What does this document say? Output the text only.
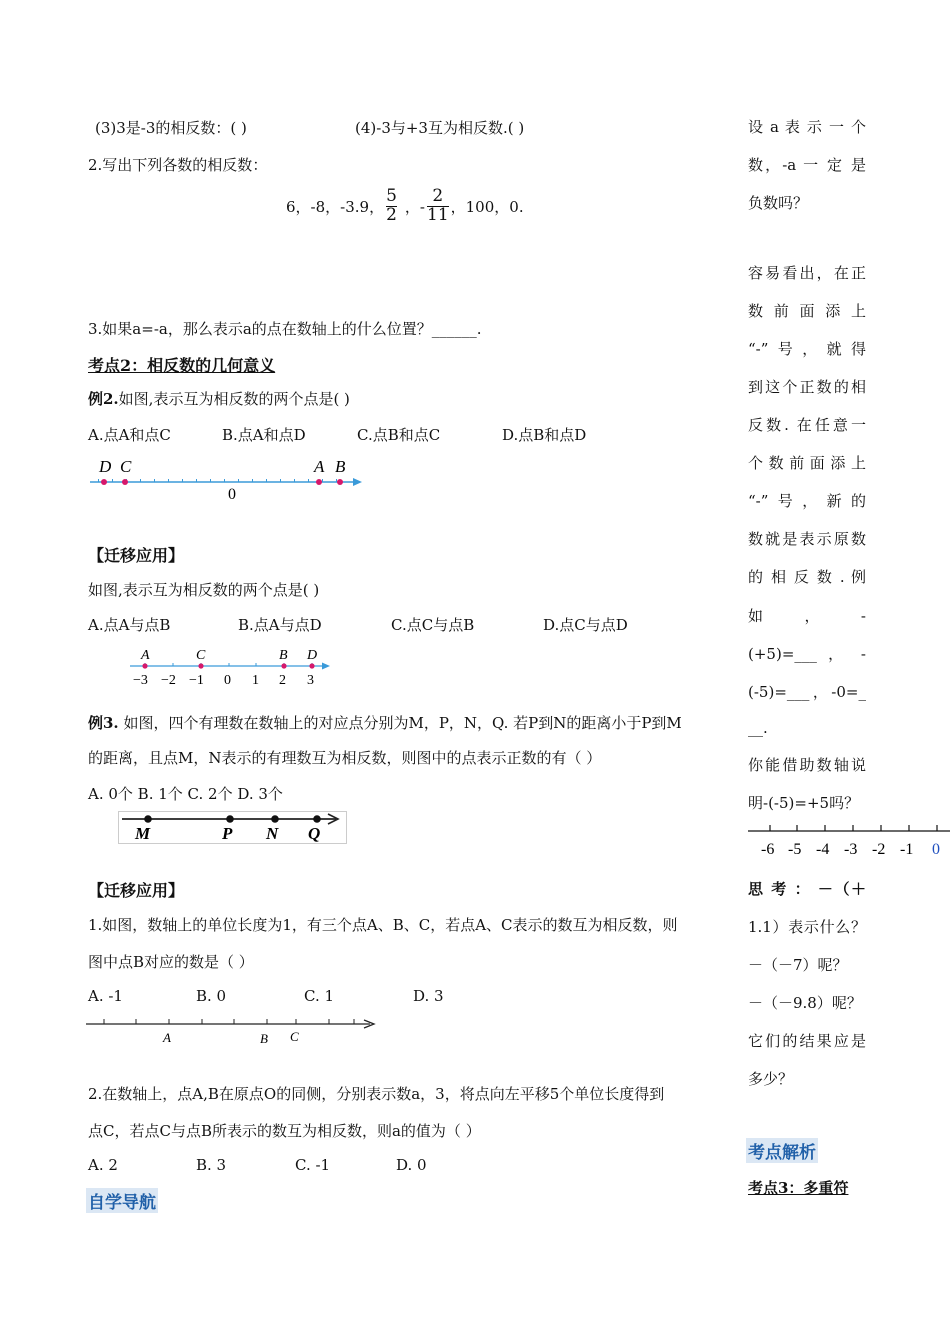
(3)3是-3的相反数：( )	(4)-3与+3互为相反数.( )
2.写出下列各数的相反数：
6，-8，-3.9， $\frac{5}{2}$ ，- $\frac{2}{11}$ ，100，0.
3.如果a=-a，那么表示a的点在数轴上的什么位置？______.
考点2：相反数的几何意义
例2.如图,表示互为相反数的两个点是( )
A.点A和点C	B.点A和点D	C.点B和点C	D.点B和点D
D C	A B
0
【迁移应用】
如图,表示互为相反数的两个点是( )
A.点A与点B	B.点A与点D	C.点C与点B	D.点C与点D
A	C	B D
−3 −2 −1 0 1 2 3
例3. 如图，四个有理数在数轴上的对应点分别为M，P，N，Q. 若P到N的距离小于P到M
的距离，且点M，N表示的有理数互为相反数，则图中的点表示正数的有（ ）
A. 0个 B. 1个 C. 2个 D. 3个
M	P N Q
【迁移应用】
1.如图，数轴上的单位长度为1，有三个点A、B、C，若点A、C表示的数互为相反数，则
图中点B对应的数是（ ）
A. -1	B. 0	C. 1	D. 3
A	B C
2.在数轴上，点A,B在原点O的同侧，分别表示数a，3，将点向左平移5个单位长度得到
点C，若点C与点B所表示的数互为相反数，则a的值为（ ）
A. 2	B. 3	C. -1	D. 0
自学导航
设 a 表 示 一 个
数，-a 一 定 是
负数吗？
容易看出，在正
数 前 面 添 上
“-”号，就得
到这个正数的相
反数. 在任意一
个 数 前 面 添 上
“-”号，新的
数就是表示原数
的 相 反 数 . 例
如 ， -
(+5)=___ ， -
(-5)=___，-0=_
__.
你能借助数轴说
明-(-5)=+5吗？
-6 -5 -4 -3 -2 -1 0
思 考 ： －（＋
1.1）表示什么？
－（－7）呢？
－（－9.8）呢？
它们的结果应是
多少？
考点解析
考点3：多重符
